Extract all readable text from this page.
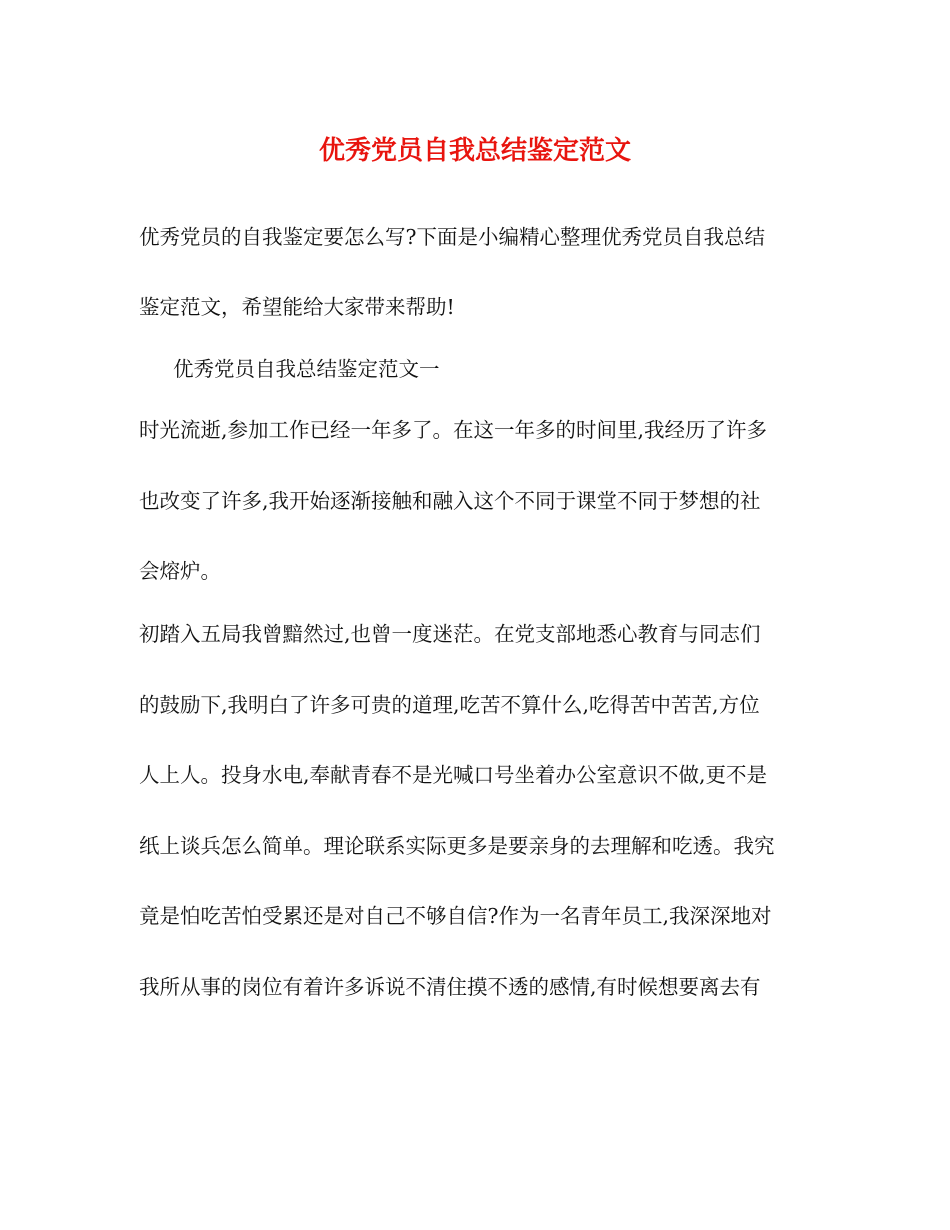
优秀党员自我总结鉴定范文

优秀党员的自我鉴定要怎么写?下面是小编精心整理优秀党员自我总结

鉴定范文，希望能给大家带来帮助!

优秀党员自我总结鉴定范文一

时光流逝,参加工作已经一年多了。在这一年多的时间里,我经历了许多

也改变了许多,我开始逐渐接触和融入这个不同于课堂不同于梦想的社

会熔炉。

初踏入五局我曾黯然过,也曾一度迷茫。在党支部地悉心教育与同志们

的鼓励下,我明白了许多可贵的道理,吃苦不算什么,吃得苦中苦苦,方位

人上人。投身水电,奉献青春不是光喊口号坐着办公室意识不做,更不是

纸上谈兵怎么简单。理论联系实际更多是要亲身的去理解和吃透。我究

竟是怕吃苦怕受累还是对自己不够自信?作为一名青年员工,我深深地对

我所从事的岗位有着许多诉说不清住摸不透的感情,有时候想要离去有
